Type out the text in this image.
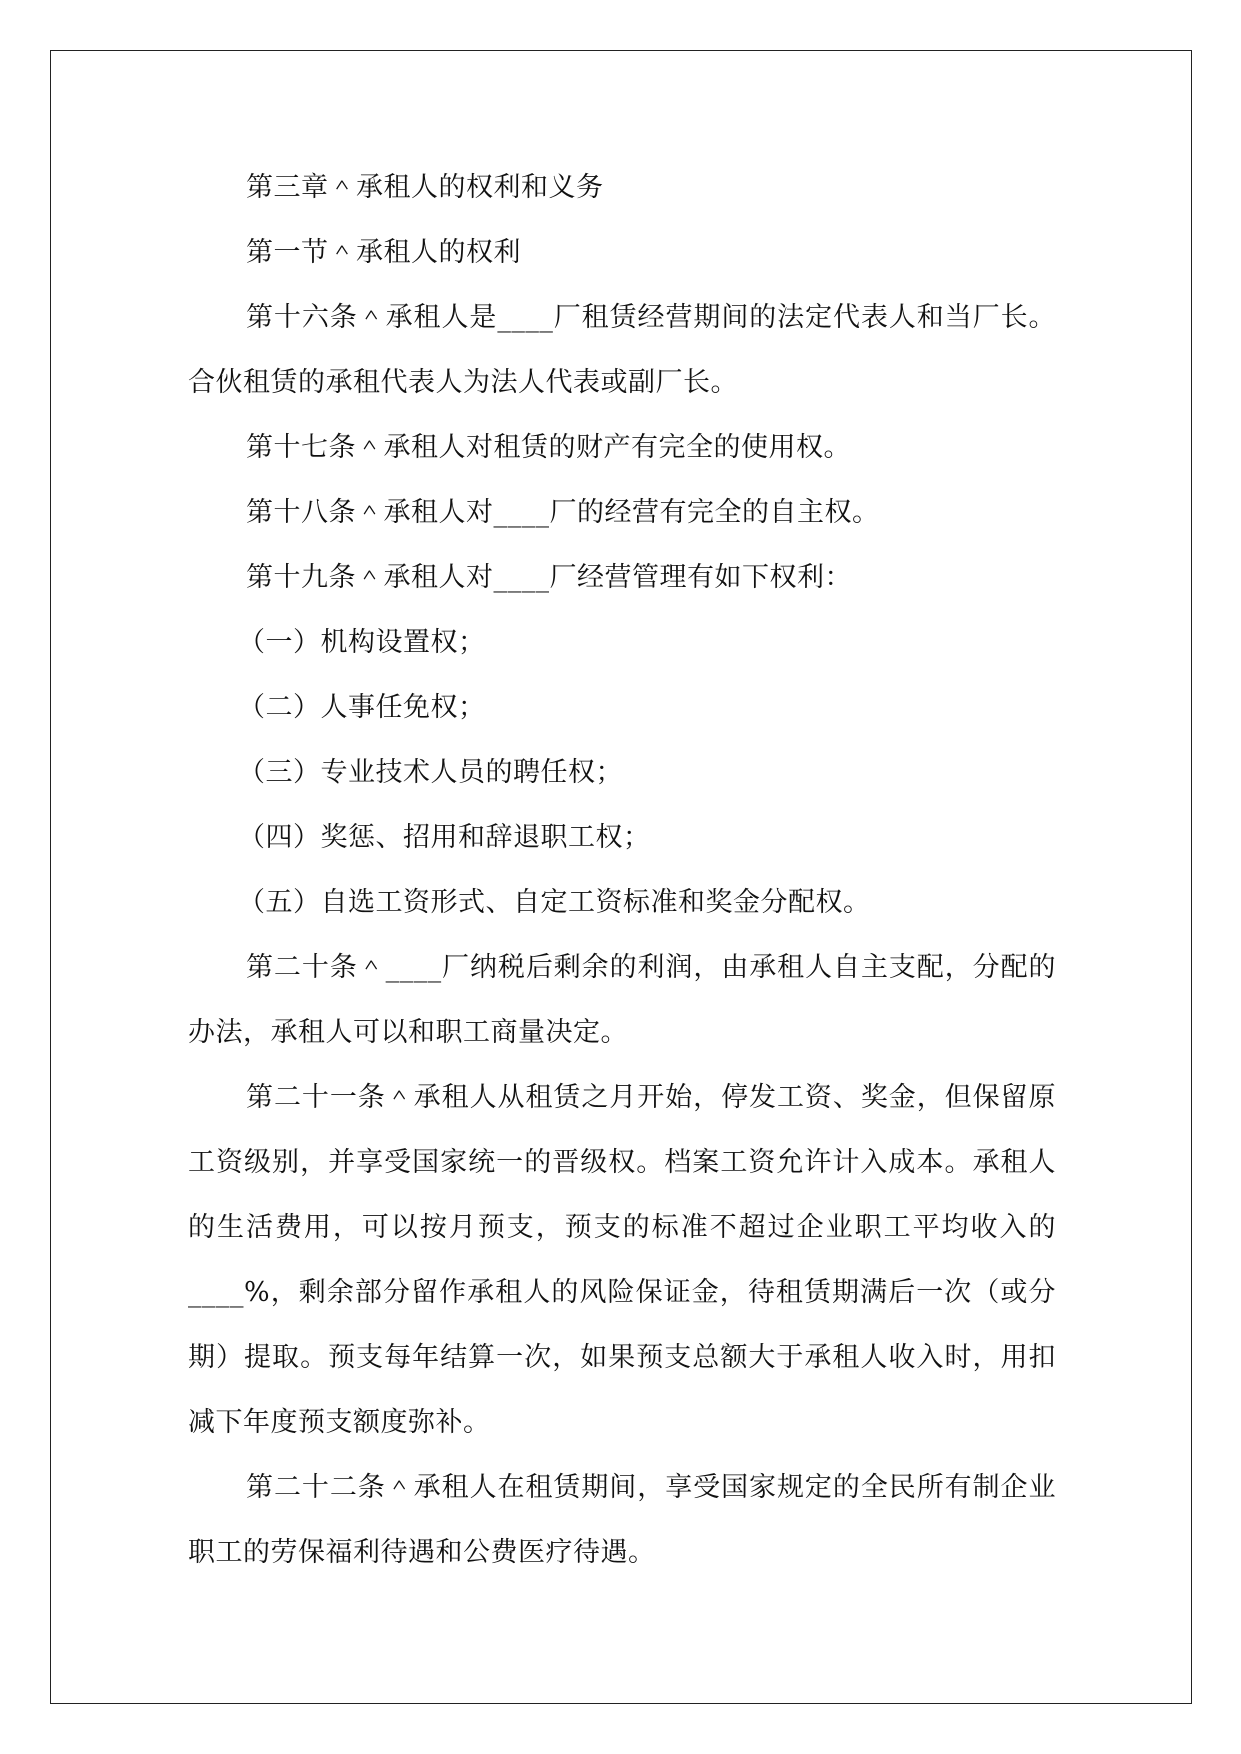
第三章＾承租人的权利和义务

第一节＾承租人的权利

第十六条＾承租人是____厂租赁经营期间的法定代表人和当厂长。合伙租赁的承租代表人为法人代表或副厂长。

第十七条＾承租人对租赁的财产有完全的使用权。

第十八条＾承租人对____厂的经营有完全的自主权。

第十九条＾承租人对____厂经营管理有如下权利：

（一）机构设置权；

（二）人事任免权；

（三）专业技术人员的聘任权；

（四）奖惩、招用和辞退职工权；

（五）自选工资形式、自定工资标准和奖金分配权。

第二十条＾____厂纳税后剩余的利润，由承租人自主支配，分配的办法，承租人可以和职工商量决定。

第二十一条＾承租人从租赁之月开始，停发工资、奖金，但保留原工资级别，并享受国家统一的晋级权。档案工资允许计入成本。承租人的生活费用，可以按月预支，预支的标准不超过企业职工平均收入的____%，剩余部分留作承租人的风险保证金，待租赁期满后一次（或分期）提取。预支每年结算一次，如果预支总额大于承租人收入时，用扣减下年度预支额度弥补。

第二十二条＾承租人在租赁期间，享受国家规定的全民所有制企业职工的劳保福利待遇和公费医疗待遇。
